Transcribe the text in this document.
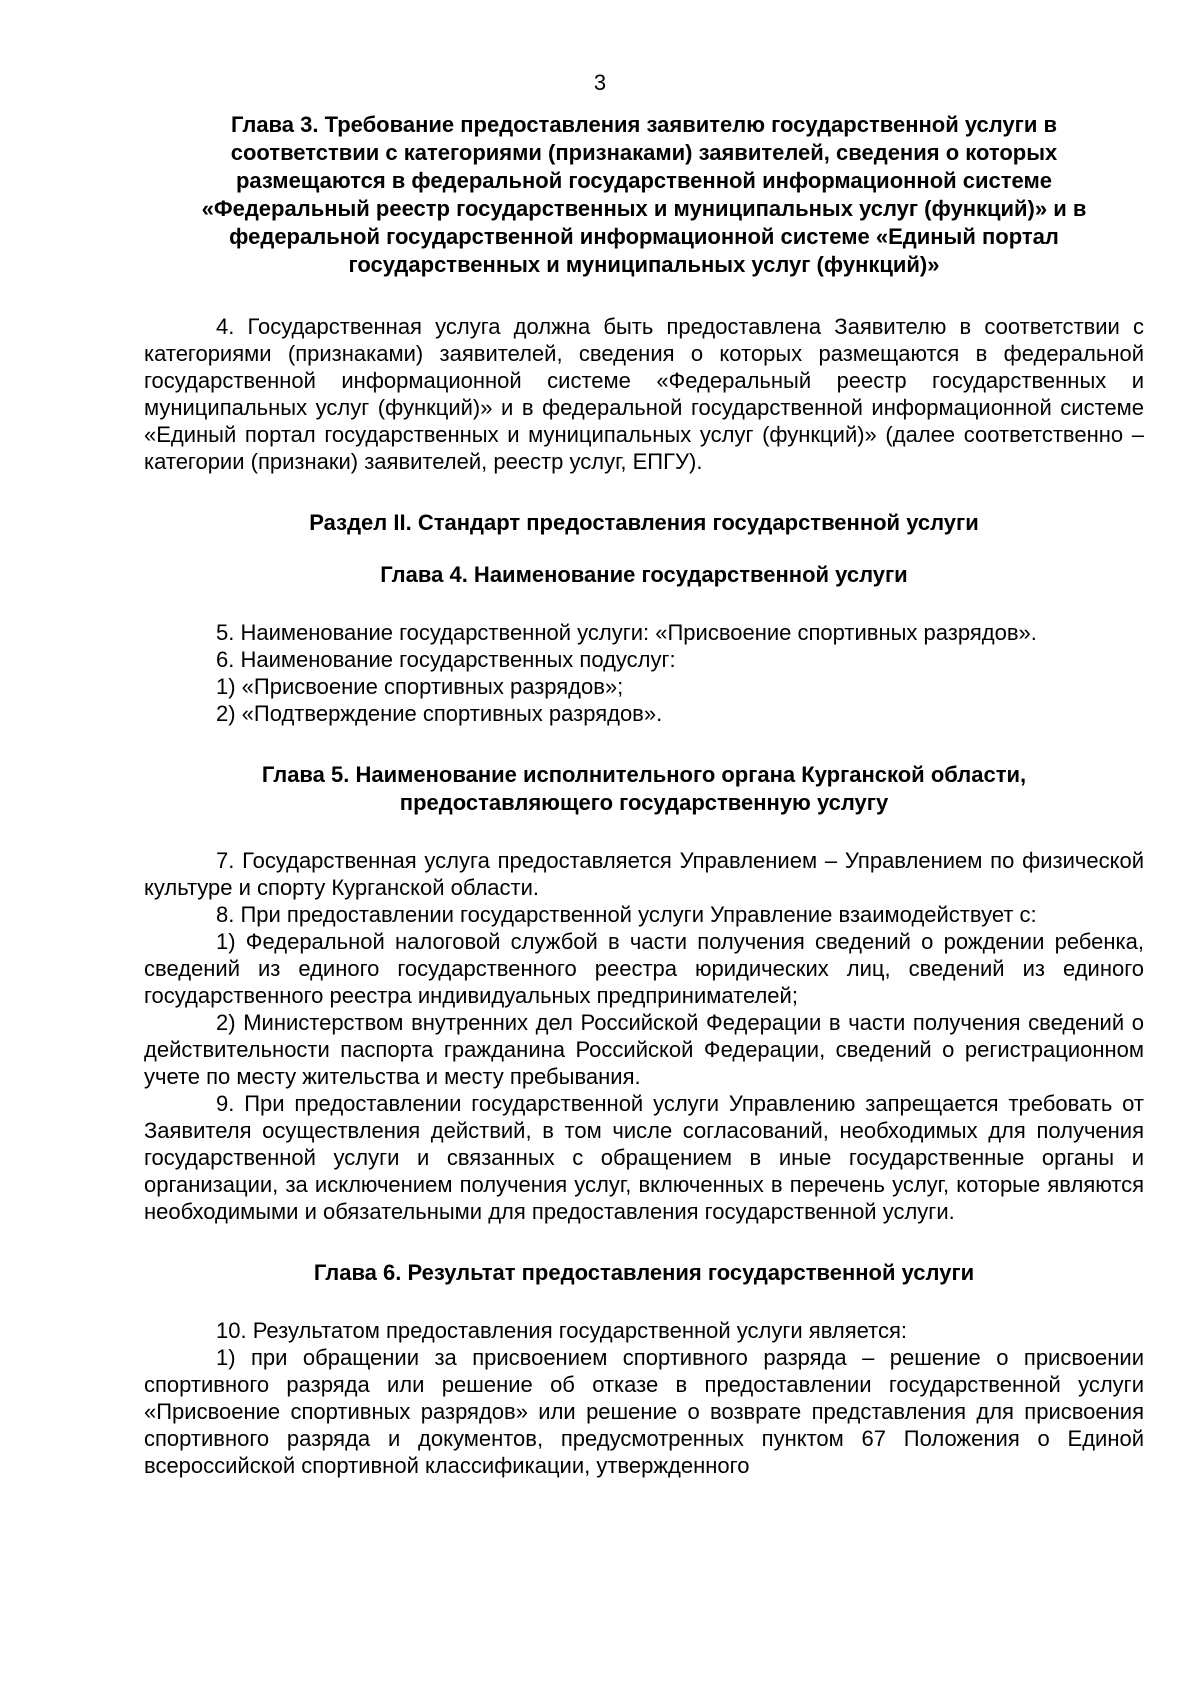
3
Глава 3. Требование предоставления заявителю государственной услуги в соответствии с категориями (признаками) заявителей, сведения о которых размещаются в федеральной государственной информационной системе «Федеральный реестр государственных и муниципальных услуг (функций)» и в федеральной государственной информационной системе «Единый портал государственных и муниципальных услуг (функций)»
4. Государственная услуга должна быть предоставлена Заявителю в соответствии с категориями (признаками) заявителей, сведения о которых размещаются в федеральной государственной информационной системе «Федеральный реестр государственных и муниципальных услуг (функций)» и в федеральной государственной информационной системе «Единый портал государственных и муниципальных услуг (функций)» (далее соответственно – категории (признаки) заявителей, реестр услуг, ЕПГУ).
Раздел II. Стандарт предоставления государственной услуги
Глава 4. Наименование государственной услуги
5. Наименование государственной услуги: «Присвоение спортивных разрядов».
6. Наименование государственных подуслуг:
1) «Присвоение спортивных разрядов»;
2) «Подтверждение спортивных разрядов».
Глава 5. Наименование исполнительного органа Курганской области,
предоставляющего государственную услугу
7. Государственная услуга предоставляется Управлением – Управлением по физической культуре и спорту Курганской области.
8. При предоставлении государственной услуги Управление взаимодействует с:
1) Федеральной налоговой службой в части получения сведений о рождении ребенка, сведений из единого государственного реестра юридических лиц, сведений из единого государственного реестра индивидуальных предпринимателей;
2) Министерством внутренних дел Российской Федерации в части получения сведений о действительности паспорта гражданина Российской Федерации, сведений о регистрационном учете по месту жительства и месту пребывания.
9. При предоставлении государственной услуги Управлению запрещается требовать от Заявителя осуществления действий, в том числе согласований, необходимых для получения государственной услуги и связанных с обращением в иные государственные органы и организации, за исключением получения услуг, включенных в перечень услуг, которые являются необходимыми и обязательными для предоставления государственной услуги.
Глава 6. Результат предоставления государственной услуги
10. Результатом предоставления государственной услуги является:
1) при обращении за присвоением спортивного разряда – решение о присвоении спортивного разряда или решение об отказе в предоставлении государственной услуги «Присвоение спортивных разрядов» или решение о возврате представления для присвоения спортивного разряда и документов, предусмотренных пунктом 67 Положения о Единой всероссийской спортивной классификации, утвержденного
